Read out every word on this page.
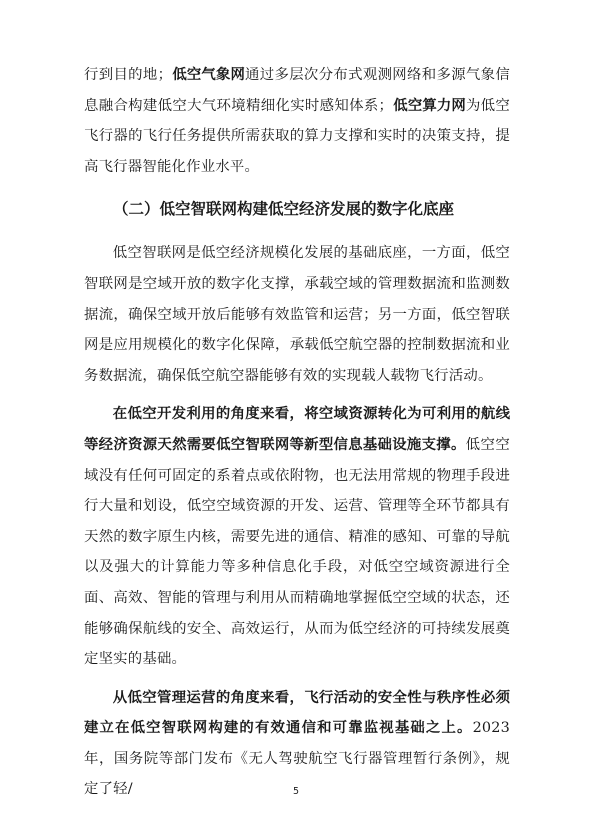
行到目的地；低空气象网通过多层次分布式观测网络和多源气象信息融合构建低空大气环境精细化实时感知体系；低空算力网为低空飞行器的飞行任务提供所需获取的算力支撑和实时的决策支持，提高飞行器智能化作业水平。

（二）低空智联网构建低空经济发展的数字化底座

低空智联网是低空经济规模化发展的基础底座，一方面，低空智联网是空域开放的数字化支撑，承载空域的管理数据流和监测数据流，确保空域开放后能够有效监管和运营；另一方面，低空智联网是应用规模化的数字化保障，承载低空航空器的控制数据流和业务数据流，确保低空航空器能够有效的实现载人载物飞行活动。

在低空开发利用的角度来看，将空域资源转化为可利用的航线等经济资源天然需要低空智联网等新型信息基础设施支撑。低空空域没有任何可固定的系着点或依附物，也无法用常规的物理手段进行大量和划设，低空空域资源的开发、运营、管理等全环节都具有天然的数字原生内核，需要先进的通信、精准的感知、可靠的导航以及强大的计算能力等多种信息化手段，对低空空域资源进行全面、高效、智能的管理与利用从而精确地掌握低空空域的状态，还能够确保航线的安全、高效运行，从而为低空经济的可持续发展奠定坚实的基础。

从低空管理运营的角度来看，飞行活动的安全性与秩序性必须建立在低空智联网构建的有效通信和可靠监视基础之上。2023 年，国务院等部门发布《无人驾驶航空飞行器管理暂行条例》，规定了轻/	5
